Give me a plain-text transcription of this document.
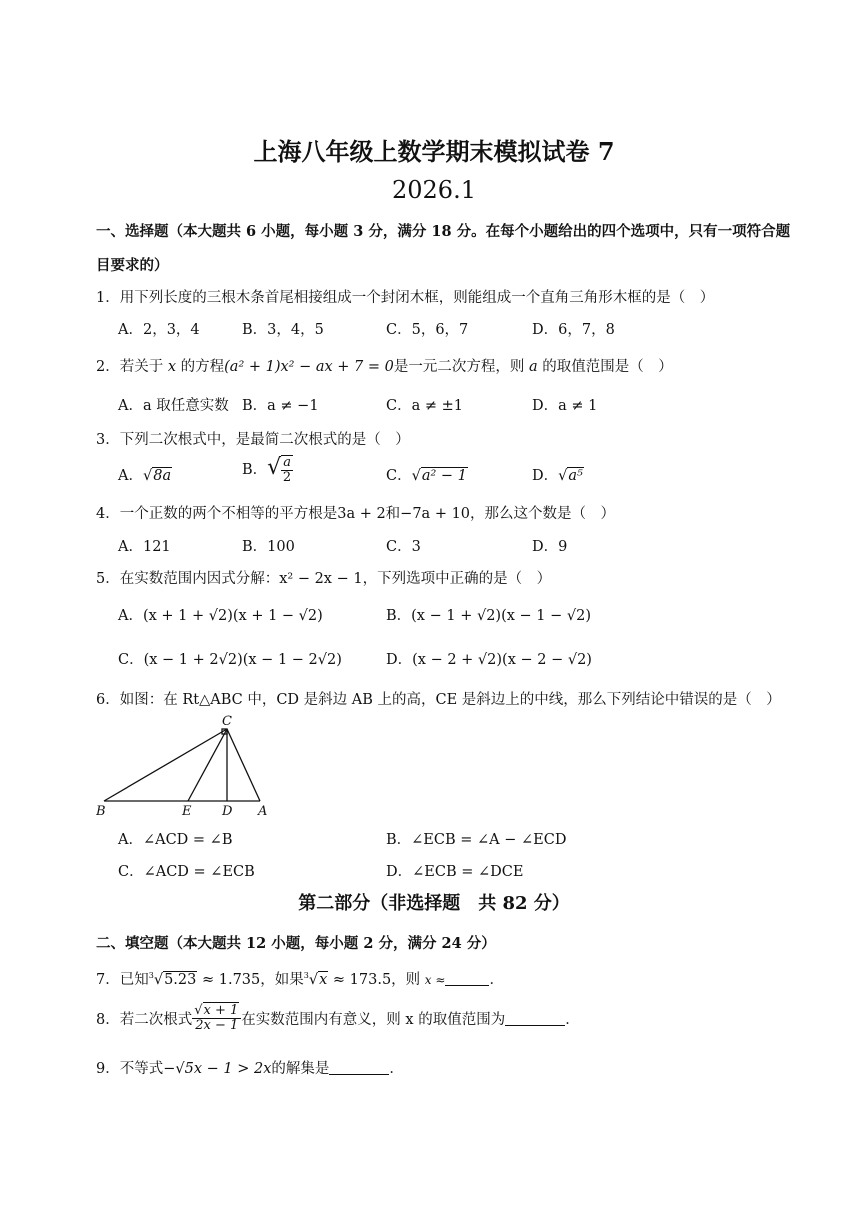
上海八年级上数学期末模拟试卷 7
2026.1
一、选择题（本大题共 6 小题，每小题 3 分，满分 18 分。在每个小题给出的四个选项中，只有一项符合题
目要求的）
1．用下列长度的三根木条首尾相接组成一个封闭木框，则能组成一个直角三角形木框的是（　）
A．2，3，4	B．3，4，5	C．5，6，7	D．6，7，8
2．若关于 x 的方程(a² + 1)x² − ax + 7 = 0是一元二次方程，则 a 的取值范围是（　）
A．a 取任意实数 B．a ≠ −1	C．a ≠ ±1	D．a ≠ 1
3．下列二次根式中，是最简二次根式的是（　）
A．√8a	B．√ $\frac{a}{2}$	C．√a² − 1	D．√a⁵
4．一个正数的两个不相等的平方根是3a + 2和−7a + 10，那么这个数是（　）
A．121	B．100	C．3	D．9
5．在实数范围内因式分解：x² − 2x − 1，下列选项中正确的是（　）
A．(x + 1 + √2)(x + 1 − √2)	B．(x − 1 + √2)(x − 1 − √2)
C．(x − 1 + 2√2)(x − 1 − 2√2)	D．(x − 2 + √2)(x − 2 − √2)
6．如图：在 Rt△ABC 中，CD 是斜边 AB 上的高，CE 是斜边上的中线，那么下列结论中错误的是（　）
C
B	E D A
A．∠ACD = ∠B	B．∠ECB = ∠A − ∠ECD
C．∠ACD = ∠ECB	D．∠ECB = ∠DCE
第二部分（非选择题　共 82 分）
二、填空题（本大题共 12 小题，每小题 2 分，满分 24 分）
7．已知$^3$√5.23 ≈ 1.735，如果$^3$√x ≈ 173.5，则 x ≈	．
8．若二次根式 $\frac{√x + 1}{2x - 1}$ 在实数范围内有意义，则 x 的取值范围为	．
9．不等式−√5x − 1 > 2x的解集是	．
